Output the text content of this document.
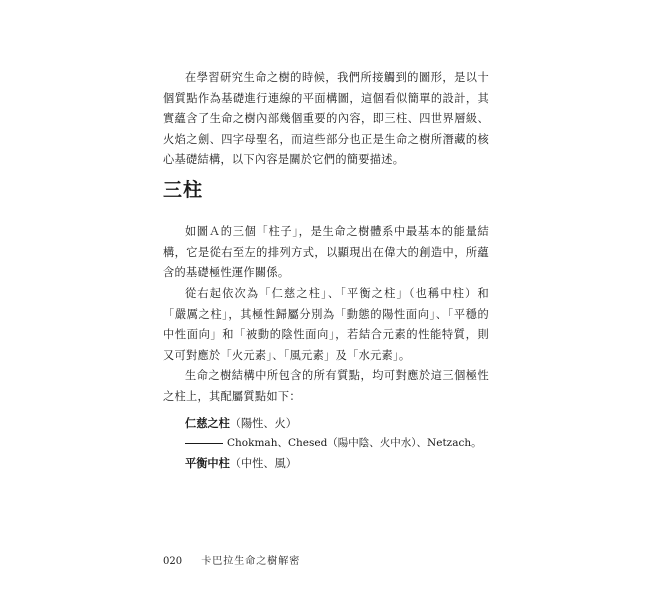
在學習研究生命之樹的時候，我們所接觸到的圖形，是以十個質點作為基礎進行連線的平面構圖，這個看似簡單的設計，其實蘊含了生命之樹內部幾個重要的內容，即三柱、四世界層級、火焰之劍、四字母聖名，而這些部分也正是生命之樹所潛藏的核心基礎結構，以下內容是關於它們的簡要描述。

三柱

如圖Ａ的三個「柱子」，是生命之樹體系中最基本的能量結構，它是從右至左的排列方式，以顯現出在偉大的創造中，所蘊含的基礎極性運作關係。

從右起依次為「仁慈之柱」、「平衡之柱」（也稱中柱）和「嚴厲之柱」，其極性歸屬分別為「動態的陽性面向」、「平穩的中性面向」和「被動的陰性面向」，若結合元素的性能特質，則又可對應於「火元素」、「風元素」及「水元素」。

生命之樹結構中所包含的所有質點，均可對應於這三個極性之柱上，其配屬質點如下：

仁慈之柱（陽性、火）

Chokmah、Chesed（陽中陰、火中水）、Netzach。

平衡中柱（中性、風）

020 卡巴拉生命之樹解密
